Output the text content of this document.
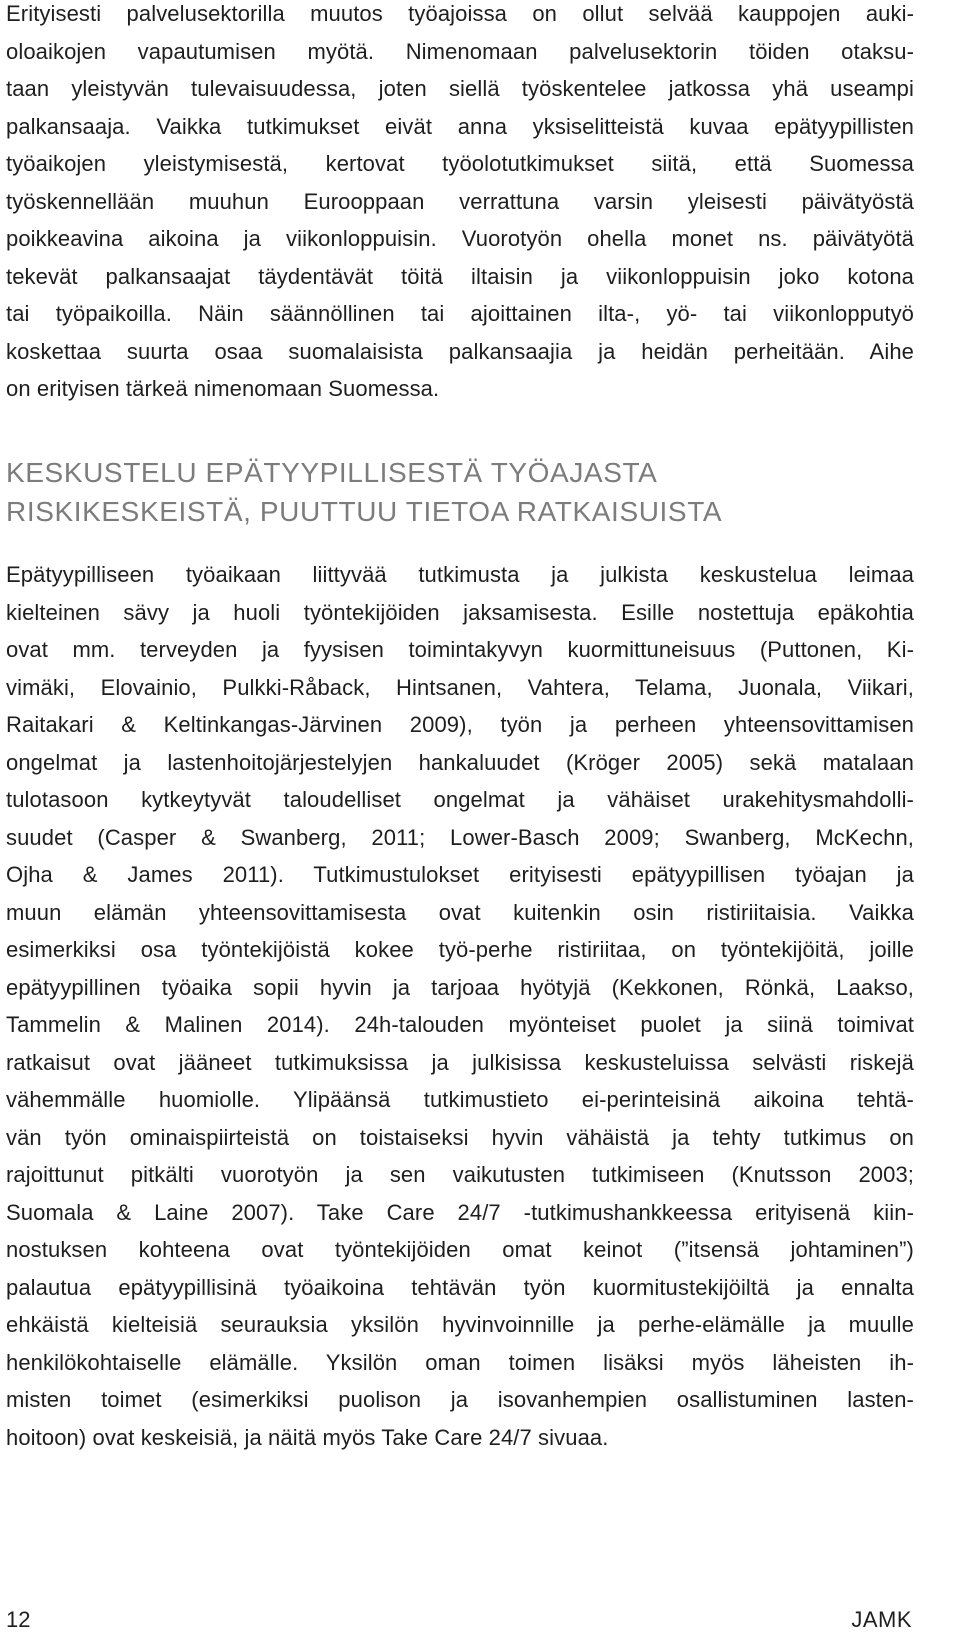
Erityisesti palvelusektorilla muutos työajoissa on ollut selvää kauppojen auki-
oloaikojen vapautumisen myötä. Nimenomaan palvelusektorin töiden otaksu-
taan yleistyvän tulevaisuudessa, joten siellä työskentelee jatkossa yhä useampi
palkansaaja. Vaikka tutkimukset eivät anna yksiselitteistä kuvaa epätyypillisten
työaikojen yleistymisestä, kertovat työolotutkimukset siitä, että Suomessa
työskennellään muuhun Eurooppaan verrattuna varsin yleisesti päivätyöstä
poikkeavina aikoina ja viikonloppuisin. Vuorotyön ohella monet ns. päivätyötä
tekevät palkansaajat täydentävät töitä iltaisin ja viikonloppuisin joko kotona
tai työpaikoilla. Näin säännöllinen tai ajoittainen ilta-, yö- tai viikonlopputyö
koskettaa suurta osaa suomalaisista palkansaajia ja heidän perheitään. Aihe
on erityisen tärkeä nimenomaan Suomessa.
KESKUSTELU EPÄTYYPILLISESTÄ TYÖAJASTA
RISKIKESKEISTÄ, PUUTTUU TIETOA RATKAISUISTA
Epätyypilliseen työaikaan liittyvää tutkimusta ja julkista keskustelua leimaa
kielteinen sävy ja huoli työntekijöiden jaksamisesta. Esille nostettuja epäkohtia
ovat mm. terveyden ja fyysisen toimintakyvyn kuormittuneisuus (Puttonen, Ki-
vimäki, Elovainio, Pulkki-Råback, Hintsanen, Vahtera, Telama, Juonala, Viikari,
Raitakari & Keltinkangas-Järvinen 2009), työn ja perheen yhteensovittamisen
ongelmat ja lastenhoitojärjestelyjen hankaluudet (Kröger 2005) sekä matalaan
tulotasoon kytkeytyvät taloudelliset ongelmat ja vähäiset urakehitysmahdolli-
suudet (Casper & Swanberg, 2011; Lower-Basch 2009; Swanberg, McKechn,
Ojha & James 2011). Tutkimustulokset erityisesti epätyypillisen työajan ja
muun elämän yhteensovittamisesta ovat kuitenkin osin ristiriitaisia. Vaikka
esimerkiksi osa työntekijöistä kokee työ-perhe ristiriitaa, on työntekijöitä, joille
epätyypillinen työaika sopii hyvin ja tarjoaa hyötyjä (Kekkonen, Rönkä, Laakso,
Tammelin & Malinen 2014). 24h-talouden myönteiset puolet ja siinä toimivat
ratkaisut ovat jääneet tutkimuksissa ja julkisissa keskusteluissa selvästi riskejä
vähemmälle huomiolle. Ylipäänsä tutkimustieto ei-perinteisinä aikoina tehtä-
vän työn ominaispiirteistä on toistaiseksi hyvin vähäistä ja tehty tutkimus on
rajoittunut pitkälti vuorotyön ja sen vaikutusten tutkimiseen (Knutsson 2003;
Suomala & Laine 2007). Take Care 24/7 -tutkimushankkeessa erityisenä kiin-
nostuksen kohteena ovat työntekijöiden omat keinot (”itsensä johtaminen”)
palautua epätyypillisinä työaikoina tehtävän työn kuormitustekijöiltä ja ennalta
ehkäistä kielteisiä seurauksia yksilön hyvinvoinnille ja perhe-elämälle ja muulle
henkilökohtaiselle elämälle. Yksilön oman toimen lisäksi myös läheisten ih-
misten toimet (esimerkiksi puolison ja isovanhempien osallistuminen lasten-
hoitoon) ovat keskeisiä, ja näitä myös Take Care 24/7 sivuaa.
12	JAMK
